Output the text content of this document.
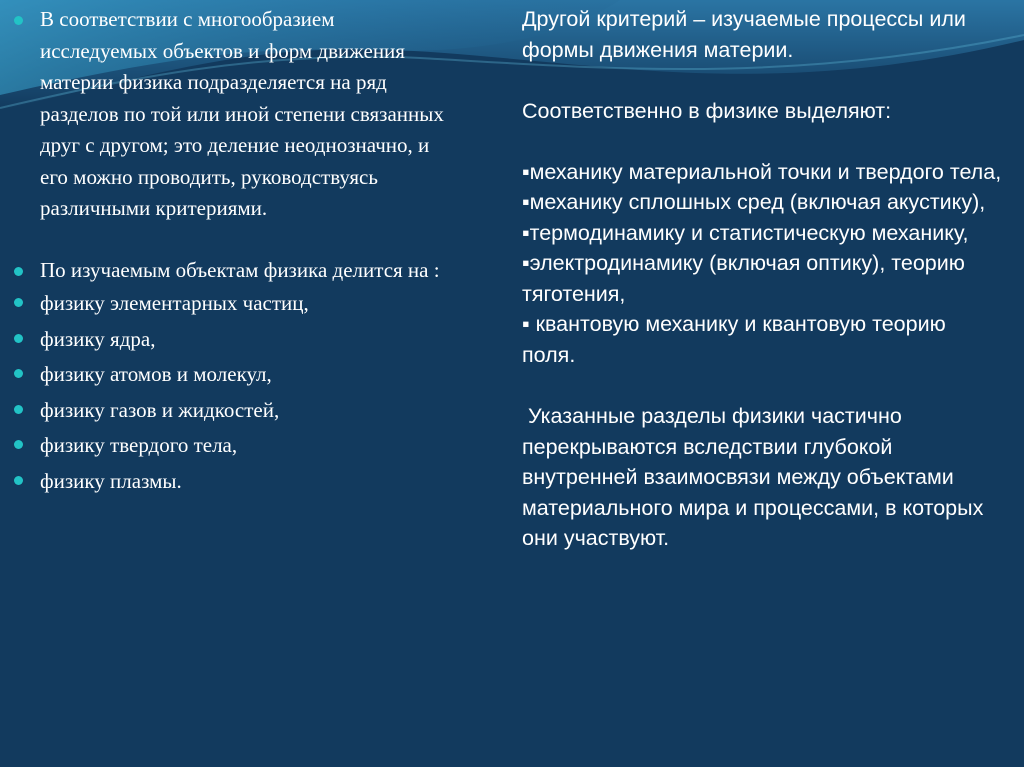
В соответствии с многообразием исследуемых объектов и форм движения материи физика подразделяется на ряд разделов по той или иной степени связанных друг с другом; это деление неоднозначно, и его можно проводить, руководствуясь различными критериями.
По изучаемым объектам физика делится на :
физику элементарных частиц,
физику ядра,
физику атомов и молекул,
физику газов и жидкостей,
физику твердого тела,
физику плазмы.
Другой критерий – изучаемые процессы или формы движения материи.
Соответственно в физике выделяют:
▪механику материальной точки и твердого тела,
▪механику сплошных сред (включая акустику),
▪термодинамику и статистическую механику,
▪электродинамику (включая оптику), теорию тяготения,
▪ квантовую механику и квантовую теорию поля.
Указанные разделы физики частично перекрываются вследствии глубокой внутренней взаимосвязи между объектами  материального мира и процессами, в которых они участвуют.
